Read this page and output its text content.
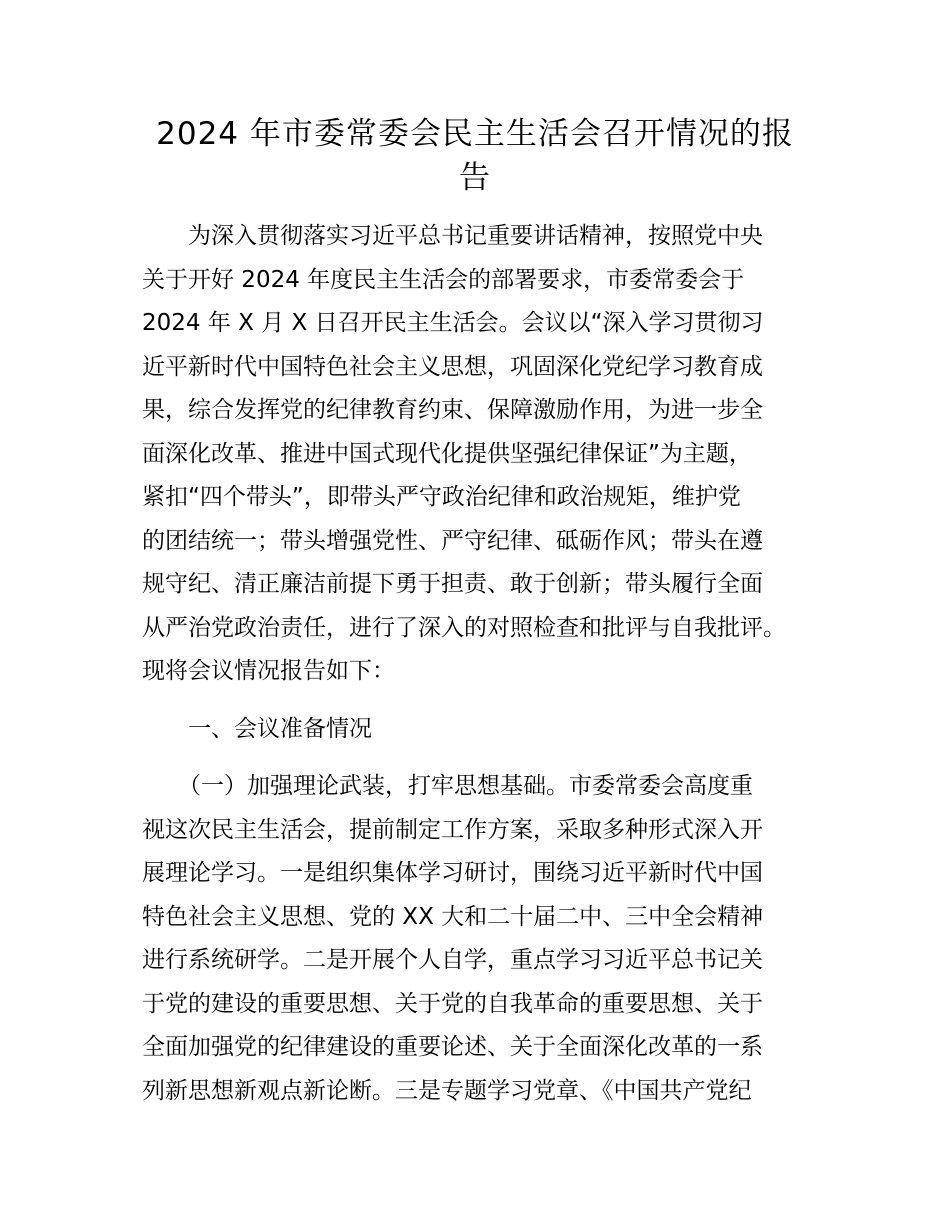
2024 年市委常委会民主生活会召开情况的报
告
为深入贯彻落实习近平总书记重要讲话精神，按照党中央
关于开好 2024 年度民主生活会的部署要求，市委常委会于
2024 年 X 月 X 日召开民主生活会。会议以“深入学习贯彻习
近平新时代中国特色社会主义思想，巩固深化党纪学习教育成
果，综合发挥党的纪律教育约束、保障激励作用，为进一步全
面深化改革、推进中国式现代化提供坚强纪律保证”为主题，
紧扣“四个带头”，即带头严守政治纪律和政治规矩，维护党
的团结统一；带头增强党性、严守纪律、砥砺作风；带头在遵
规守纪、清正廉洁前提下勇于担责、敢于创新；带头履行全面
从严治党政治责任，进行了深入的对照检查和批评与自我批评。
现将会议情况报告如下：
一、会议准备情况
（一）加强理论武装，打牢思想基础。市委常委会高度重
视这次民主生活会，提前制定工作方案，采取多种形式深入开
展理论学习。一是组织集体学习研讨，围绕习近平新时代中国
特色社会主义思想、党的 XX 大和二十届二中、三中全会精神
进行系统研学。二是开展个人自学，重点学习习近平总书记关
于党的建设的重要思想、关于党的自我革命的重要思想、关于
全面加强党的纪律建设的重要论述、关于全面深化改革的一系
列新思想新观点新论断。三是专题学习党章、《中国共产党纪
